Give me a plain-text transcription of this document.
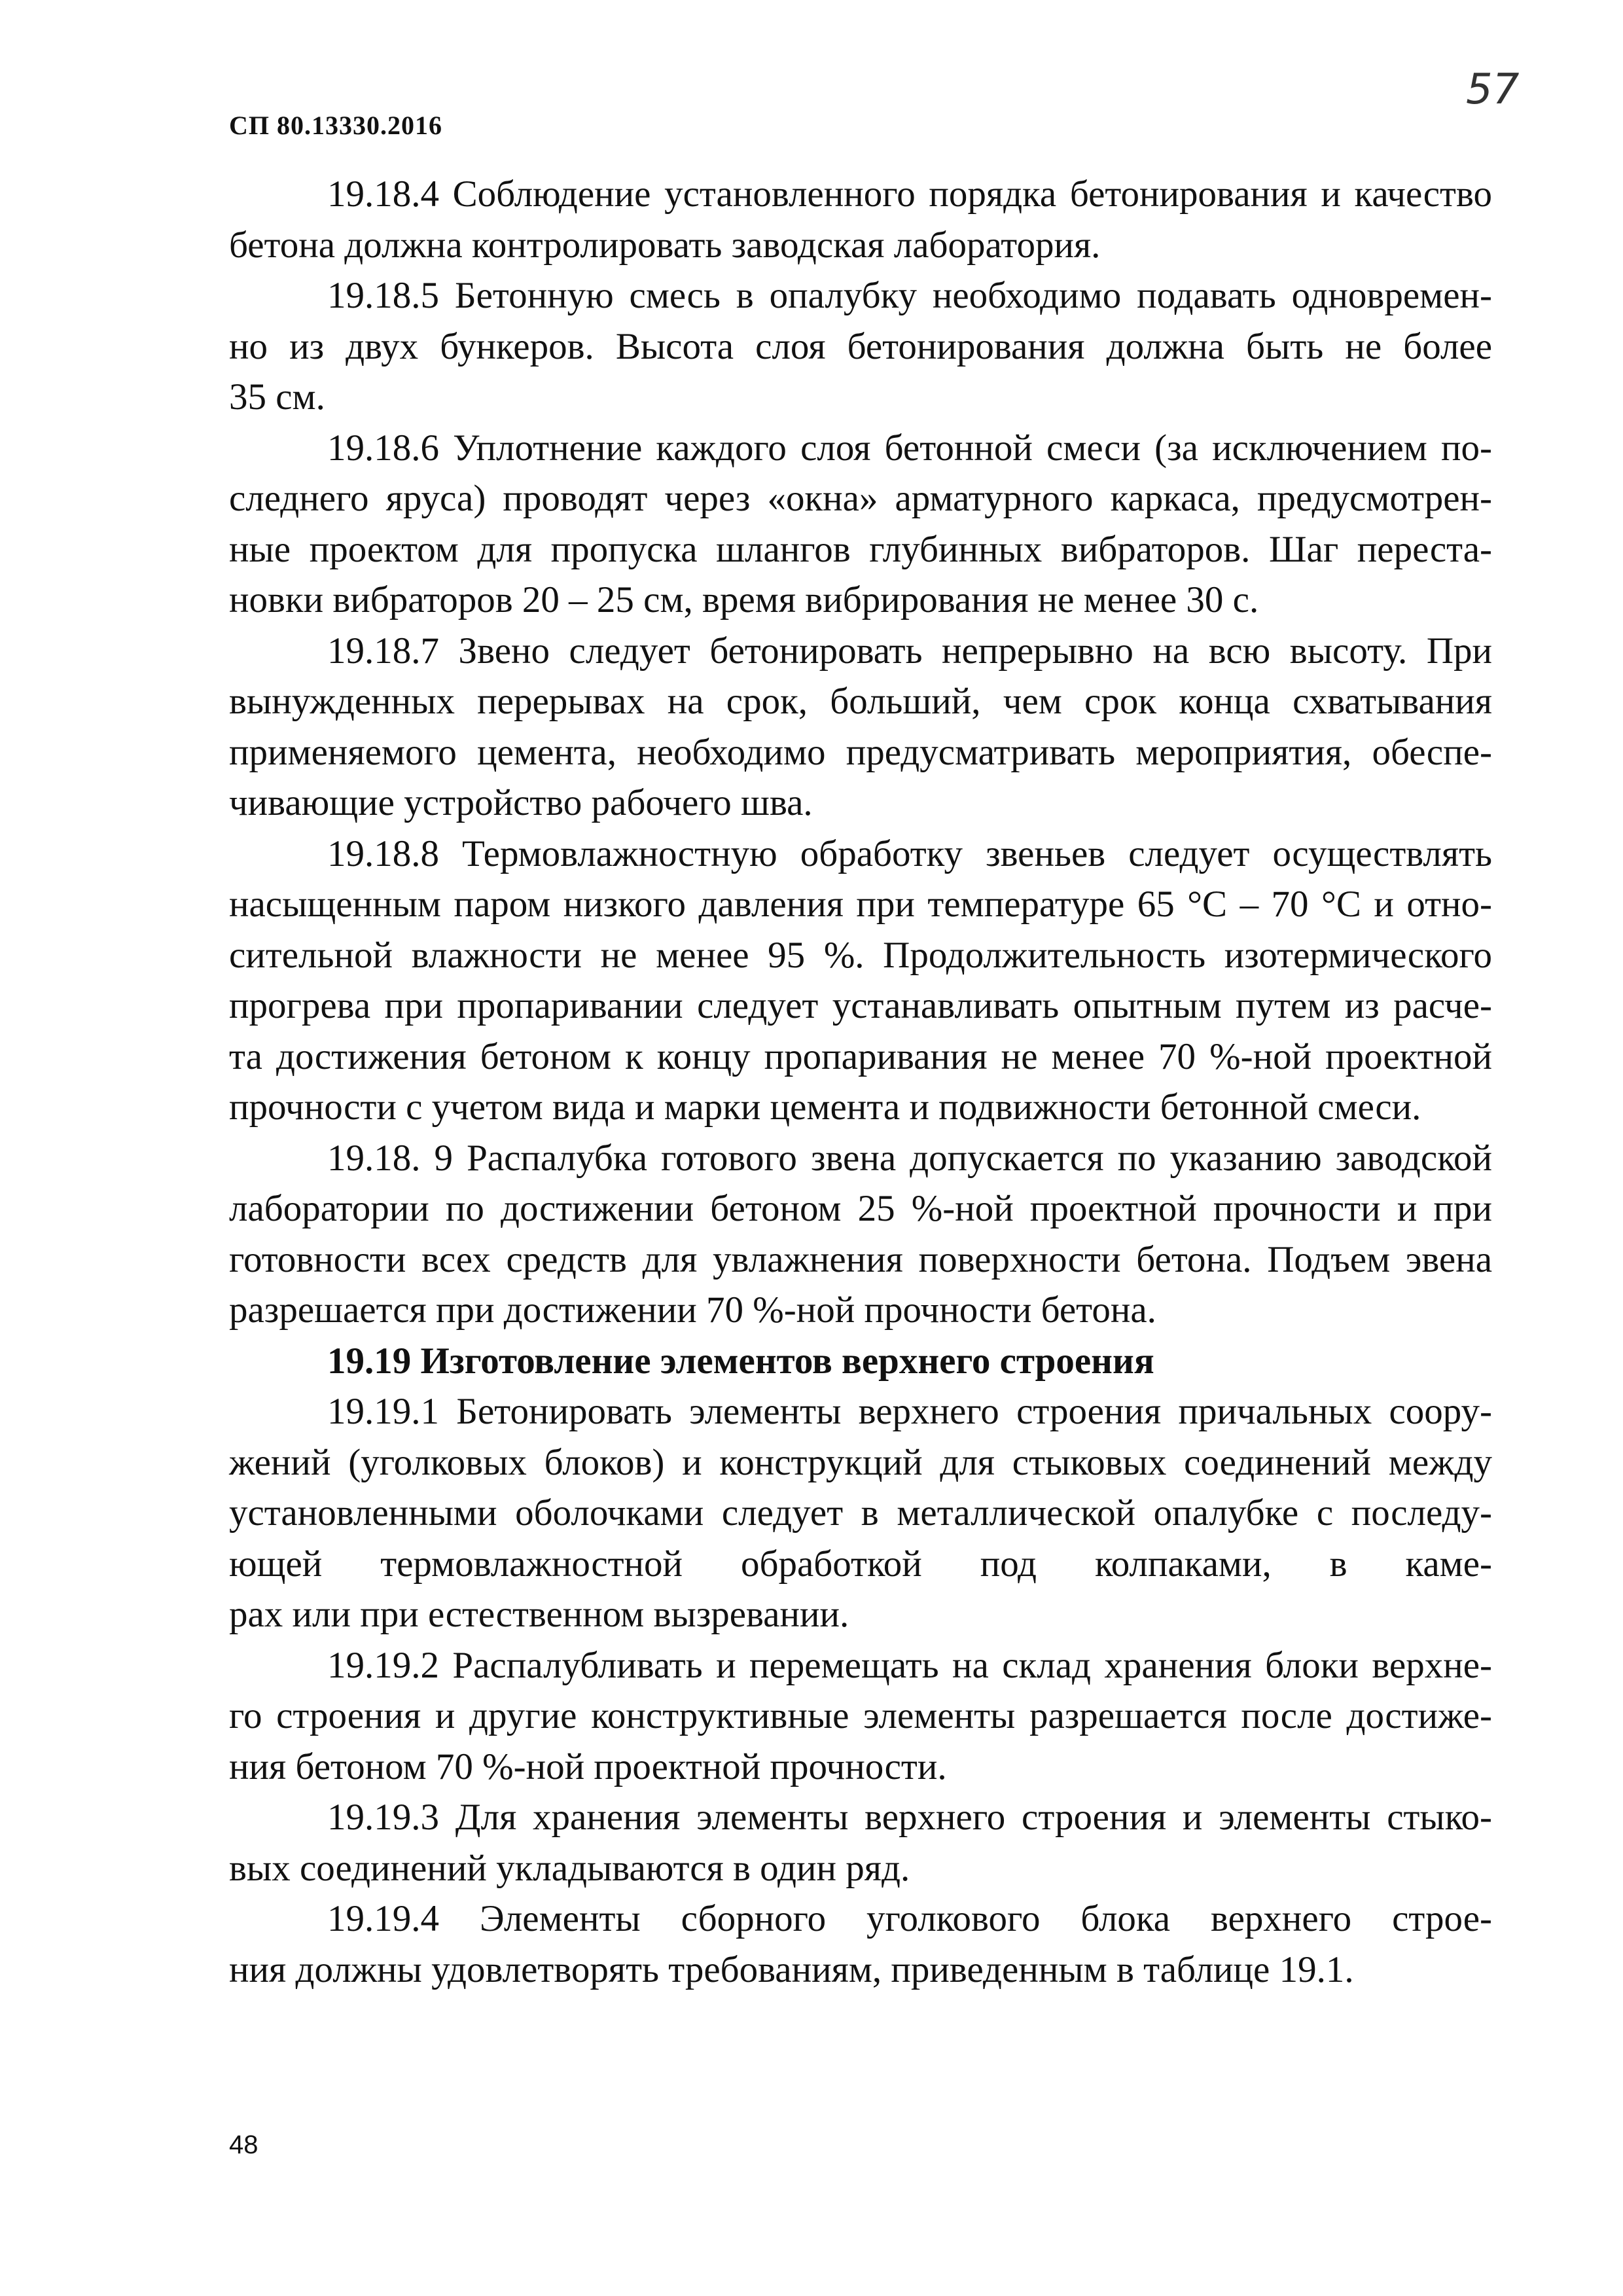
СП 80.13330.2016
57
19.18.4 Соблюдение установленного порядка бетонирования и качество
бетона должна контролировать заводская лаборатория.
19.18.5 Бетонную смесь в опалубку необходимо подавать одновремен-
но из двух бункеров. Высота слоя бетонирования должна быть не более
35 см.
19.18.6 Уплотнение каждого слоя бетонной смеси (за исключением по-
следнего яруса) проводят через «окна» арматурного каркаса, предусмотрен-
ные проектом для пропуска шлангов глубинных вибраторов. Шаг переста-
новки вибраторов 20 – 25 см, время вибрирования не менее 30 с.
19.18.7 Звено следует бетонировать непрерывно на всю высоту. При
вынужденных перерывах на срок, больший, чем срок конца схватывания
применяемого цемента, необходимо предусматривать мероприятия, обеспе-
чивающие устройство рабочего шва.
19.18.8 Термовлажностную обработку звеньев следует осуществлять
насыщенным паром низкого давления при температуре 65 °С – 70 °С и отно-
сительной влажности не менее 95 %. Продолжительность изотермического
прогрева при пропаривании следует устанавливать опытным путем из расче-
та достижения бетоном к концу пропаривания не менее 70 %-ной проектной
прочности с учетом вида и марки цемента и подвижности бетонной смеси.
19.18. 9 Распалубка готового звена допускается по указанию заводской
лаборатории по достижении бетоном 25 %-ной проектной прочности и при
готовности всех средств для увлажнения поверхности бетона. Подъем эвена
разрешается при достижении 70 %-ной прочности бетона.
19.19 Изготовление элементов верхнего строения
19.19.1 Бетонировать элементы верхнего строения причальных соору-
жений (уголковых блоков) и конструкций для стыковых соединений между
установленными оболочками следует в металлической опалубке с последу-
ющей термовлажностной обработкой под колпаками, в каме-
рах или при естественном вызревании.
19.19.2 Распалубливать и перемещать на склад хранения блоки верхне-
го строения и другие конструктивные элементы разрешается после достиже-
ния бетоном 70 %-ной проектной прочности.
19.19.3 Для хранения элементы верхнего строения и элементы стыко-
вых соединений укладываются в один ряд.
19.19.4 Элементы сборного уголкового блока верхнего строе-
ния должны удовлетворять требованиям, приведенным в таблице 19.1.
48
